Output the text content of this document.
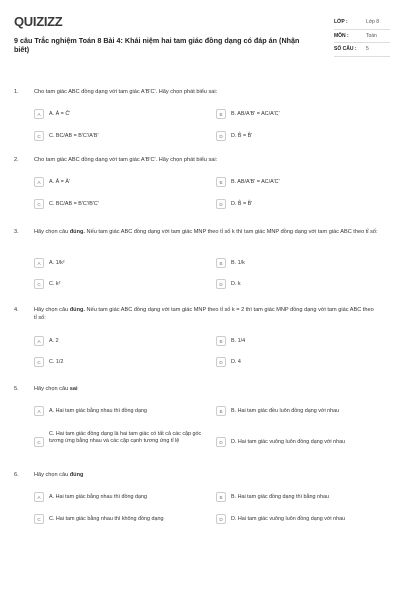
QUIZIZZ
9 câu Trắc nghiệm Toán 8 Bài 4: Khái niệm hai tam giác đồng dạng có đáp án (Nhận biết)
LỚP :	Lớp 8
MÔN :	Toán
SỐ CÂU :	5
1.	Cho tam giác ABC đồng dạng với tam giác A'B'C'. Hãy chọn phát biểu sai:
A	A. Â = Ĉ'	B	B. AB/A'B' = AC/A'C'
C	C. BC/AB = B'C'/A'B'	D	D. B̂ = B̂'
2.	Cho tam giác ABC đồng dạng với tam giác A'B'C'. Hãy chọn phát biểu sai:
A	A. Â = Â'	B	B. AB/A'B' = AC/A'C'
C	C. BC/AB = B'C'/B'C'	D	D. B̂ = B̂'
3.	Hãy chọn câu đúng. Nếu tam giác ABC đồng dạng với tam giác MNP theo tỉ số k thì tam giác MNP đồng dạng với tam giác ABC theo tỉ số:
A	A. 1/k²	B	B. 1/k
C	C. k²	D	D. k
4.	Hãy chọn câu đúng. Nếu tam giác ABC đồng dạng với tam giác MNP theo tỉ số k = 2 thì tam giác MNP đồng dạng với tam giác ABC theo tỉ số:
A	A. 2	B	B. 1/4
C	C. 1/2	D	D. 4
5.	Hãy chọn câu sai
A	A. Hai tam giác bằng nhau thì đồng dạng	B	B. Hai tam giác đều luôn đồng dạng với nhau
C
C. Hai tam giác đồng dạng là hai tam giác có tất cả các cặp góc tương ứng bằng nhau và các cặp cạnh tương ứng tỉ lệ	D	D. Hai tam giác vuông luôn đồng dạng với nhau
6.	Hãy chọn câu đúng
A	A. Hai tam giác bằng nhau thì đồng dạng	B	B. Hai tam giác đồng dạng thì bằng nhau
C	C. Hai tam giác bằng nhau thì không đồng dạng	D	D. Hai tam giác vuông luôn đồng dạng với nhau
